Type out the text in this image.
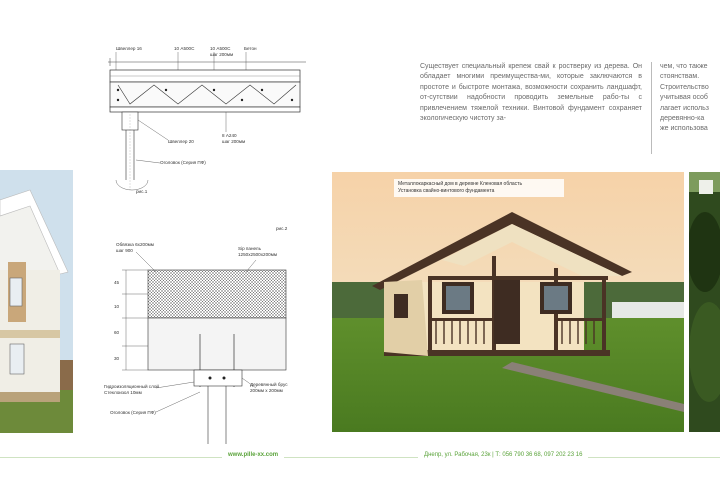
Швеллер 16	10 А500С	10 А500С
шаг 200мм
Бетон
Швеллер 20
8 А240
шаг 200мм
Оголовок (Серия ПФ)
рис.1
рис.2
Обвязка 6х200мм
шаг 900	Sip панель
1250х2500х200мм
Гидроизоляционный слой
Стеклоизол 10мм
Деревянный брус
200мм х 200мм
Оголовок (Серия ПФ)
45
10
60
30
Металлокаркасный дом в деревне Кленовая область
Установка свайно-винтового фундамента
Существует специальный крепеж свай к ростверку из дерева. Он обладает многими преимущества-ми, которые заключаются в простоте и быстроте монтажа, возможности сохранить ландшафт, от-сутствии надобности проводить земельные рабо-ты с привлечением тяжелой техники. Винтовой фундамент сохраняет экологическую чистоту за-
чем, что также
стоянствам.
Строительство
учитывая особ
лагает использ
деревянно-ка
же использова
www.pille-xx.com	Днепр, ул. Рабочая, 23к | Т: 056 790 36 68, 097 202 23 16
